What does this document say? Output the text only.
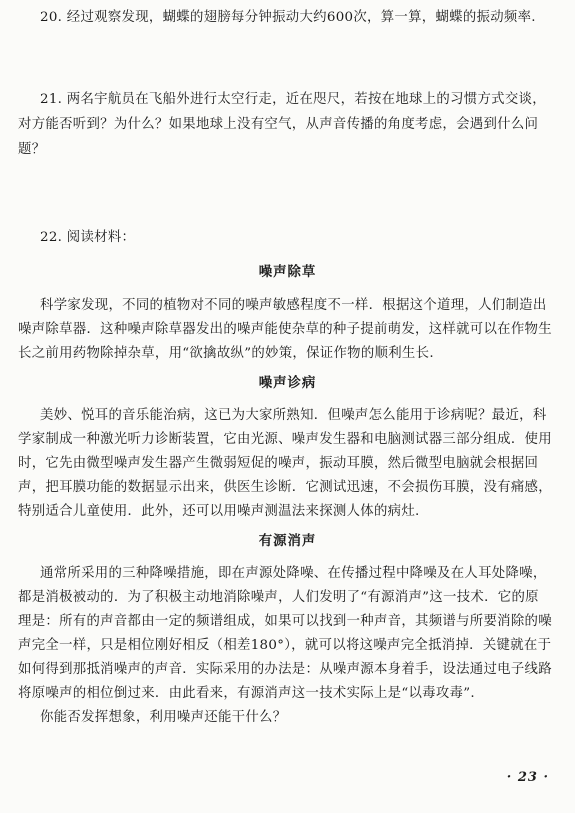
20. 经过观察发现，蝴蝶的翅膀每分钟振动大约600次，算一算，蝴蝶的振动频率.
21. 两名宇航员在飞船外进行太空行走，近在咫尺，若按在地球上的习惯方式交谈，
对方能否听到？为什么？如果地球上没有空气，从声音传播的角度考虑，会遇到什么问
题？
22. 阅读材料：
噪声除草
科学家发现，不同的植物对不同的噪声敏感程度不一样．根据这个道理，人们制造出
噪声除草器．这种噪声除草器发出的噪声能使杂草的种子提前萌发，这样就可以在作物生
长之前用药物除掉杂草，用“欲擒故纵”的妙策，保证作物的顺利生长.
噪声诊病
美妙、悦耳的音乐能治病，这已为大家所熟知．但噪声怎么能用于诊病呢？最近，科
学家制成一种激光听力诊断装置，它由光源、噪声发生器和电脑测试器三部分组成．使用
时，它先由微型噪声发生器产生微弱短促的噪声，振动耳膜，然后微型电脑就会根据回
声，把耳膜功能的数据显示出来，供医生诊断．它测试迅速，不会损伤耳膜，没有痛感，
特别适合儿童使用．此外，还可以用噪声测温法来探测人体的病灶.
有源消声
通常所采用的三种降噪措施，即在声源处降噪、在传播过程中降噪及在人耳处降噪，
都是消极被动的．为了积极主动地消除噪声，人们发明了“有源消声”这一技术．它的原
理是：所有的声音都由一定的频谱组成，如果可以找到一种声音，其频谱与所要消除的噪
声完全一样，只是相位刚好相反（相差180°），就可以将这噪声完全抵消掉．关键就在于
如何得到那抵消噪声的声音．实际采用的办法是：从噪声源本身着手，设法通过电子线路
将原噪声的相位倒过来．由此看来，有源消声这一技术实际上是“以毒攻毒”.
你能否发挥想象，利用噪声还能干什么？
· 23 ·
